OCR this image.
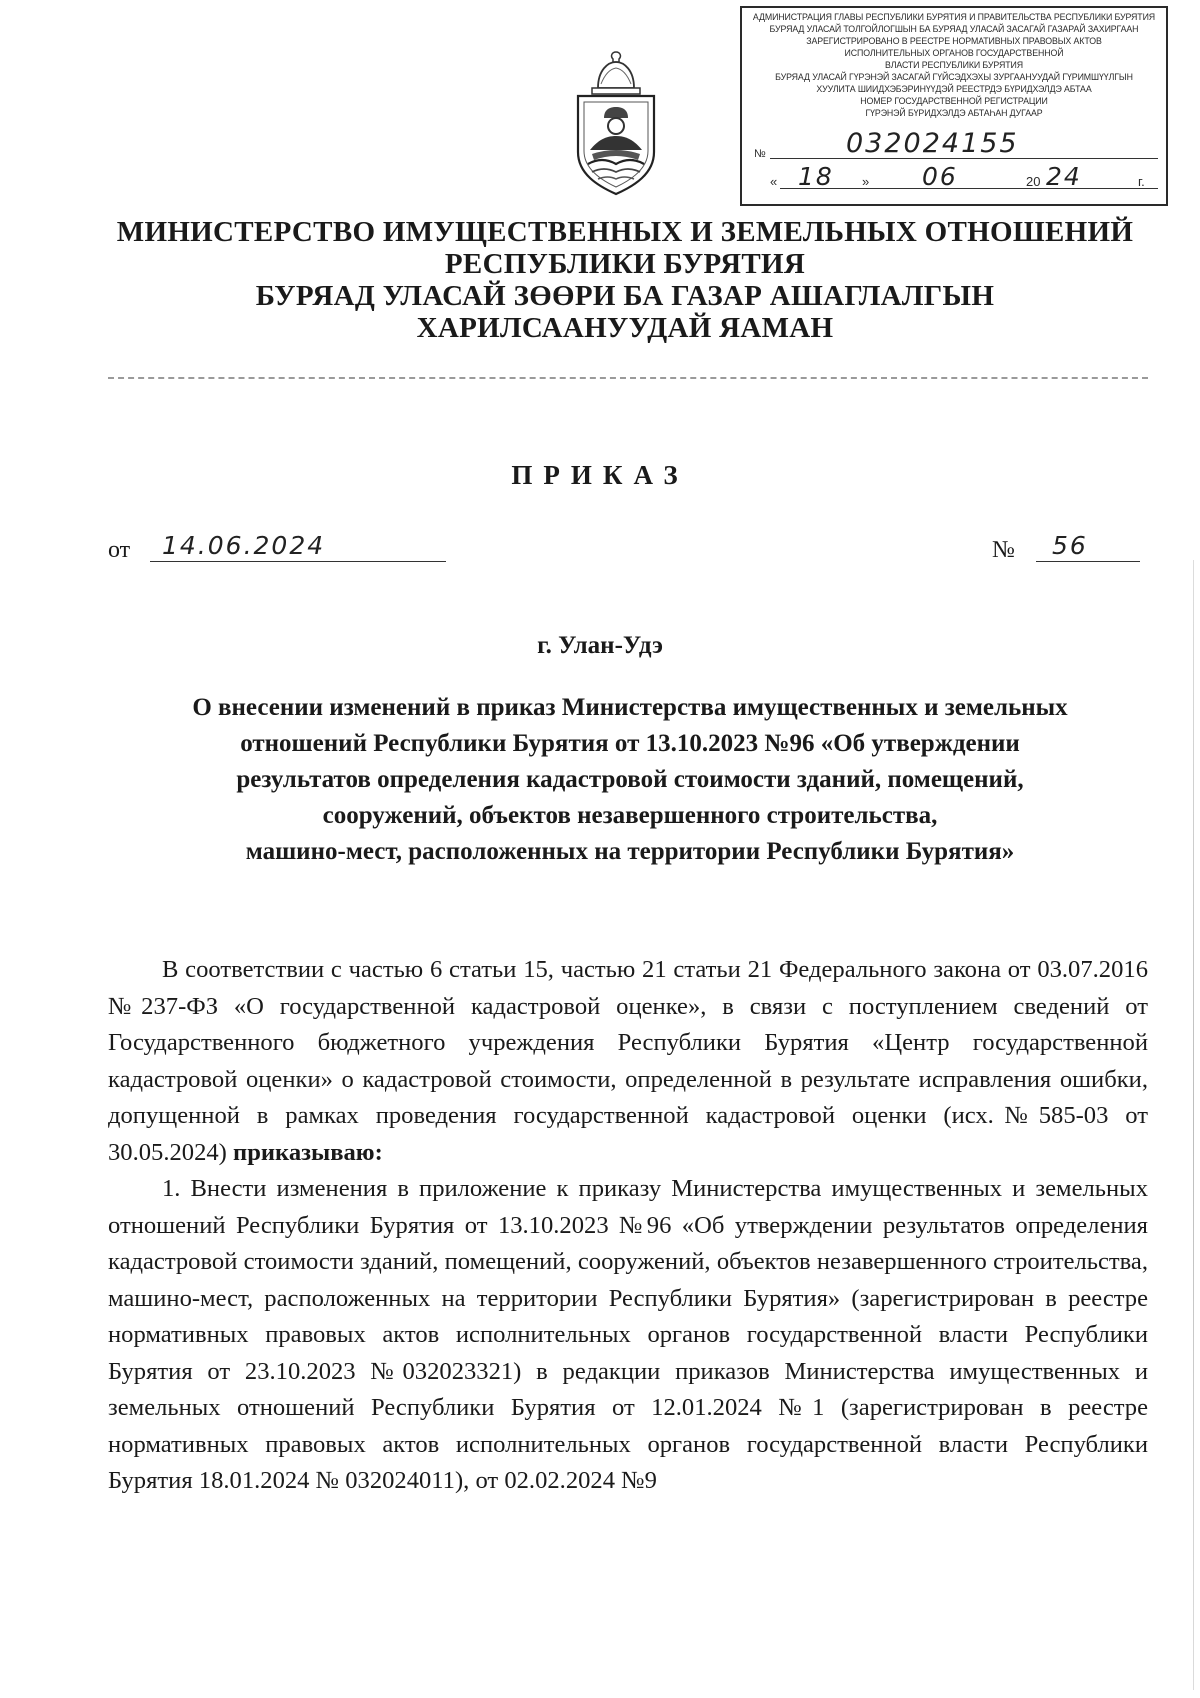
АДМИНИСТРАЦИЯ ГЛАВЫ РЕСПУБЛИКИ БУРЯТИЯ И ПРАВИТЕЛЬСТВА РЕСПУБЛИКИ БУРЯТИЯ
БУРЯАД УЛАСАЙ ТОЛГОЙЛОГШЫН БА БУРЯАД УЛАСАЙ ЗАСАГАЙ ГАЗАРАЙ ЗАХИРГААН
ЗАРЕГИСТРИРОВАНО В РЕЕСТРЕ НОРМАТИВНЫХ ПРАВОВЫХ АКТОВ
ИСПОЛНИТЕЛЬНЫХ ОРГАНОВ ГОСУДАРСТВЕННОЙ
ВЛАСТИ РЕСПУБЛИКИ БУРЯТИЯ
БУРЯАД УЛАСАЙ ГҮРЭНЭЙ ЗАСАГАЙ ГҮЙСЭДХЭХЫ ЗУРГААНУУДАЙ ГҮРИМШҮҮЛГЫН
ХУУЛИТА ШИИДХЭБЭРИНҮҮДЭЙ РЕЕСТРДЭ БҮРИДХЭЛДЭ АБТАА
НОМЕР ГОСУДАРСТВЕННОЙ РЕГИСТРАЦИИ
ГҮРЭНЭЙ БҮРИДХЭЛДЭ АБТАҺАН ДУГААР
№	032024155
« 18 » 06	20 24	г.
МИНИСТЕРСТВО ИМУЩЕСТВЕННЫХ И ЗЕМЕЛЬНЫХ ОТНОШЕНИЙ
РЕСПУБЛИКИ БУРЯТИЯ
БУРЯАД УЛАСАЙ ЗӨӨРИ БА ГАЗАР АШАГЛАЛГЫН
ХАРИЛСААНУУДАЙ ЯАМАН
ПРИКАЗ
от 14.06.2024	№ 56
г. Улан-Удэ
О внесении изменений в приказ Министерства имущественных и земельных
отношений Республики Бурятия от 13.10.2023 №96 «Об утверждении
результатов определения кадастровой стоимости зданий, помещений,
сооружений, объектов незавершенного строительства,
машино-мест, расположенных на территории Республики Бурятия»

В соответствии с частью 6 статьи 15, частью 21 статьи 21 Федерального закона от 03.07.2016 №237-ФЗ «О государственной кадастровой оценке», в связи с поступлением сведений от Государственного бюджетного учреждения Республики Бурятия «Центр государственной кадастровой оценки» о кадастровой стоимости, определенной в результате исправления ошибки, допущенной в рамках проведения государственной кадастровой оценки (исх.№585-03 от 30.05.2024) приказываю:

1. Внести изменения в приложение к приказу Министерства имущественных и земельных отношений Республики Бурятия от 13.10.2023 №96 «Об утверждении результатов определения кадастровой стоимости зданий, помещений, сооружений, объектов незавершенного строительства, машино-мест, расположенных на территории Республики Бурятия» (зарегистрирован в реестре нормативных правовых актов исполнительных органов государственной власти Республики Бурятия от 23.10.2023 №032023321) в редакции приказов Министерства имущественных и земельных отношений Республики Бурятия от 12.01.2024 №1 (зарегистрирован в реестре нормативных правовых актов исполнительных органов государственной власти Республики Бурятия 18.01.2024 № 032024011), от 02.02.2024 №9
